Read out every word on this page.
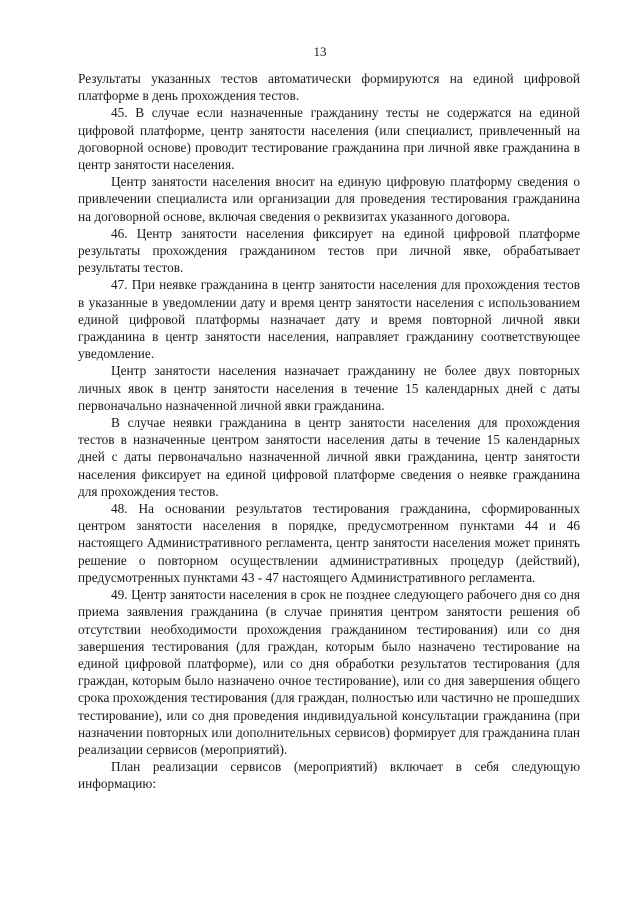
13

Результаты указанных тестов автоматически формируются на единой цифровой платформе в день прохождения тестов.

45. В случае если назначенные гражданину тесты не содержатся на единой цифровой платформе, центр занятости населения (или специалист, привлеченный на договорной основе) проводит тестирование гражданина при личной явке гражданина в центр занятости населения.

Центр занятости населения вносит на единую цифровую платформу сведения о привлечении специалиста или организации для проведения тестирования гражданина на договорной основе, включая сведения о реквизитах указанного договора.

46. Центр занятости населения фиксирует на единой цифровой платформе результаты прохождения гражданином тестов при личной явке, обрабатывает результаты тестов.

47. При неявке гражданина в центр занятости населения для прохождения тестов в указанные в уведомлении дату и время центр занятости населения с использованием единой цифровой платформы назначает дату и время повторной личной явки гражданина в центр занятости населения, направляет гражданину соответствующее уведомление.

Центр занятости населения назначает гражданину не более двух повторных личных явок в центр занятости населения в течение 15 календарных дней с даты первоначально назначенной личной явки гражданина.

В случае неявки гражданина в центр занятости населения для прохождения тестов в назначенные центром занятости населения даты в течение 15 календарных дней с даты первоначально назначенной личной явки гражданина, центр занятости населения фиксирует на единой цифровой платформе сведения о неявке гражданина для прохождения тестов.

48. На основании результатов тестирования гражданина, сформированных центром занятости населения в порядке, предусмотренном пунктами 44 и 46 настоящего Административного регламента, центр занятости населения может принять решение о повторном осуществлении административных процедур (действий), предусмотренных пунктами 43 - 47 настоящего Административного регламента.

49. Центр занятости населения в срок не позднее следующего рабочего дня со дня приема заявления гражданина (в случае принятия центром занятости решения об отсутствии необходимости прохождения гражданином тестирования) или со дня завершения тестирования (для граждан, которым было назначено тестирование на единой цифровой платформе), или со дня обработки результатов тестирования (для граждан, которым было назначено очное тестирование), или со дня завершения общего срока прохождения тестирования (для граждан, полностью или частично не прошедших тестирование), или со дня проведения индивидуальной консультации гражданина (при назначении повторных или дополнительных сервисов) формирует для гражданина план реализации сервисов (мероприятий).

План реализации сервисов (мероприятий) включает в себя следующую информацию:
